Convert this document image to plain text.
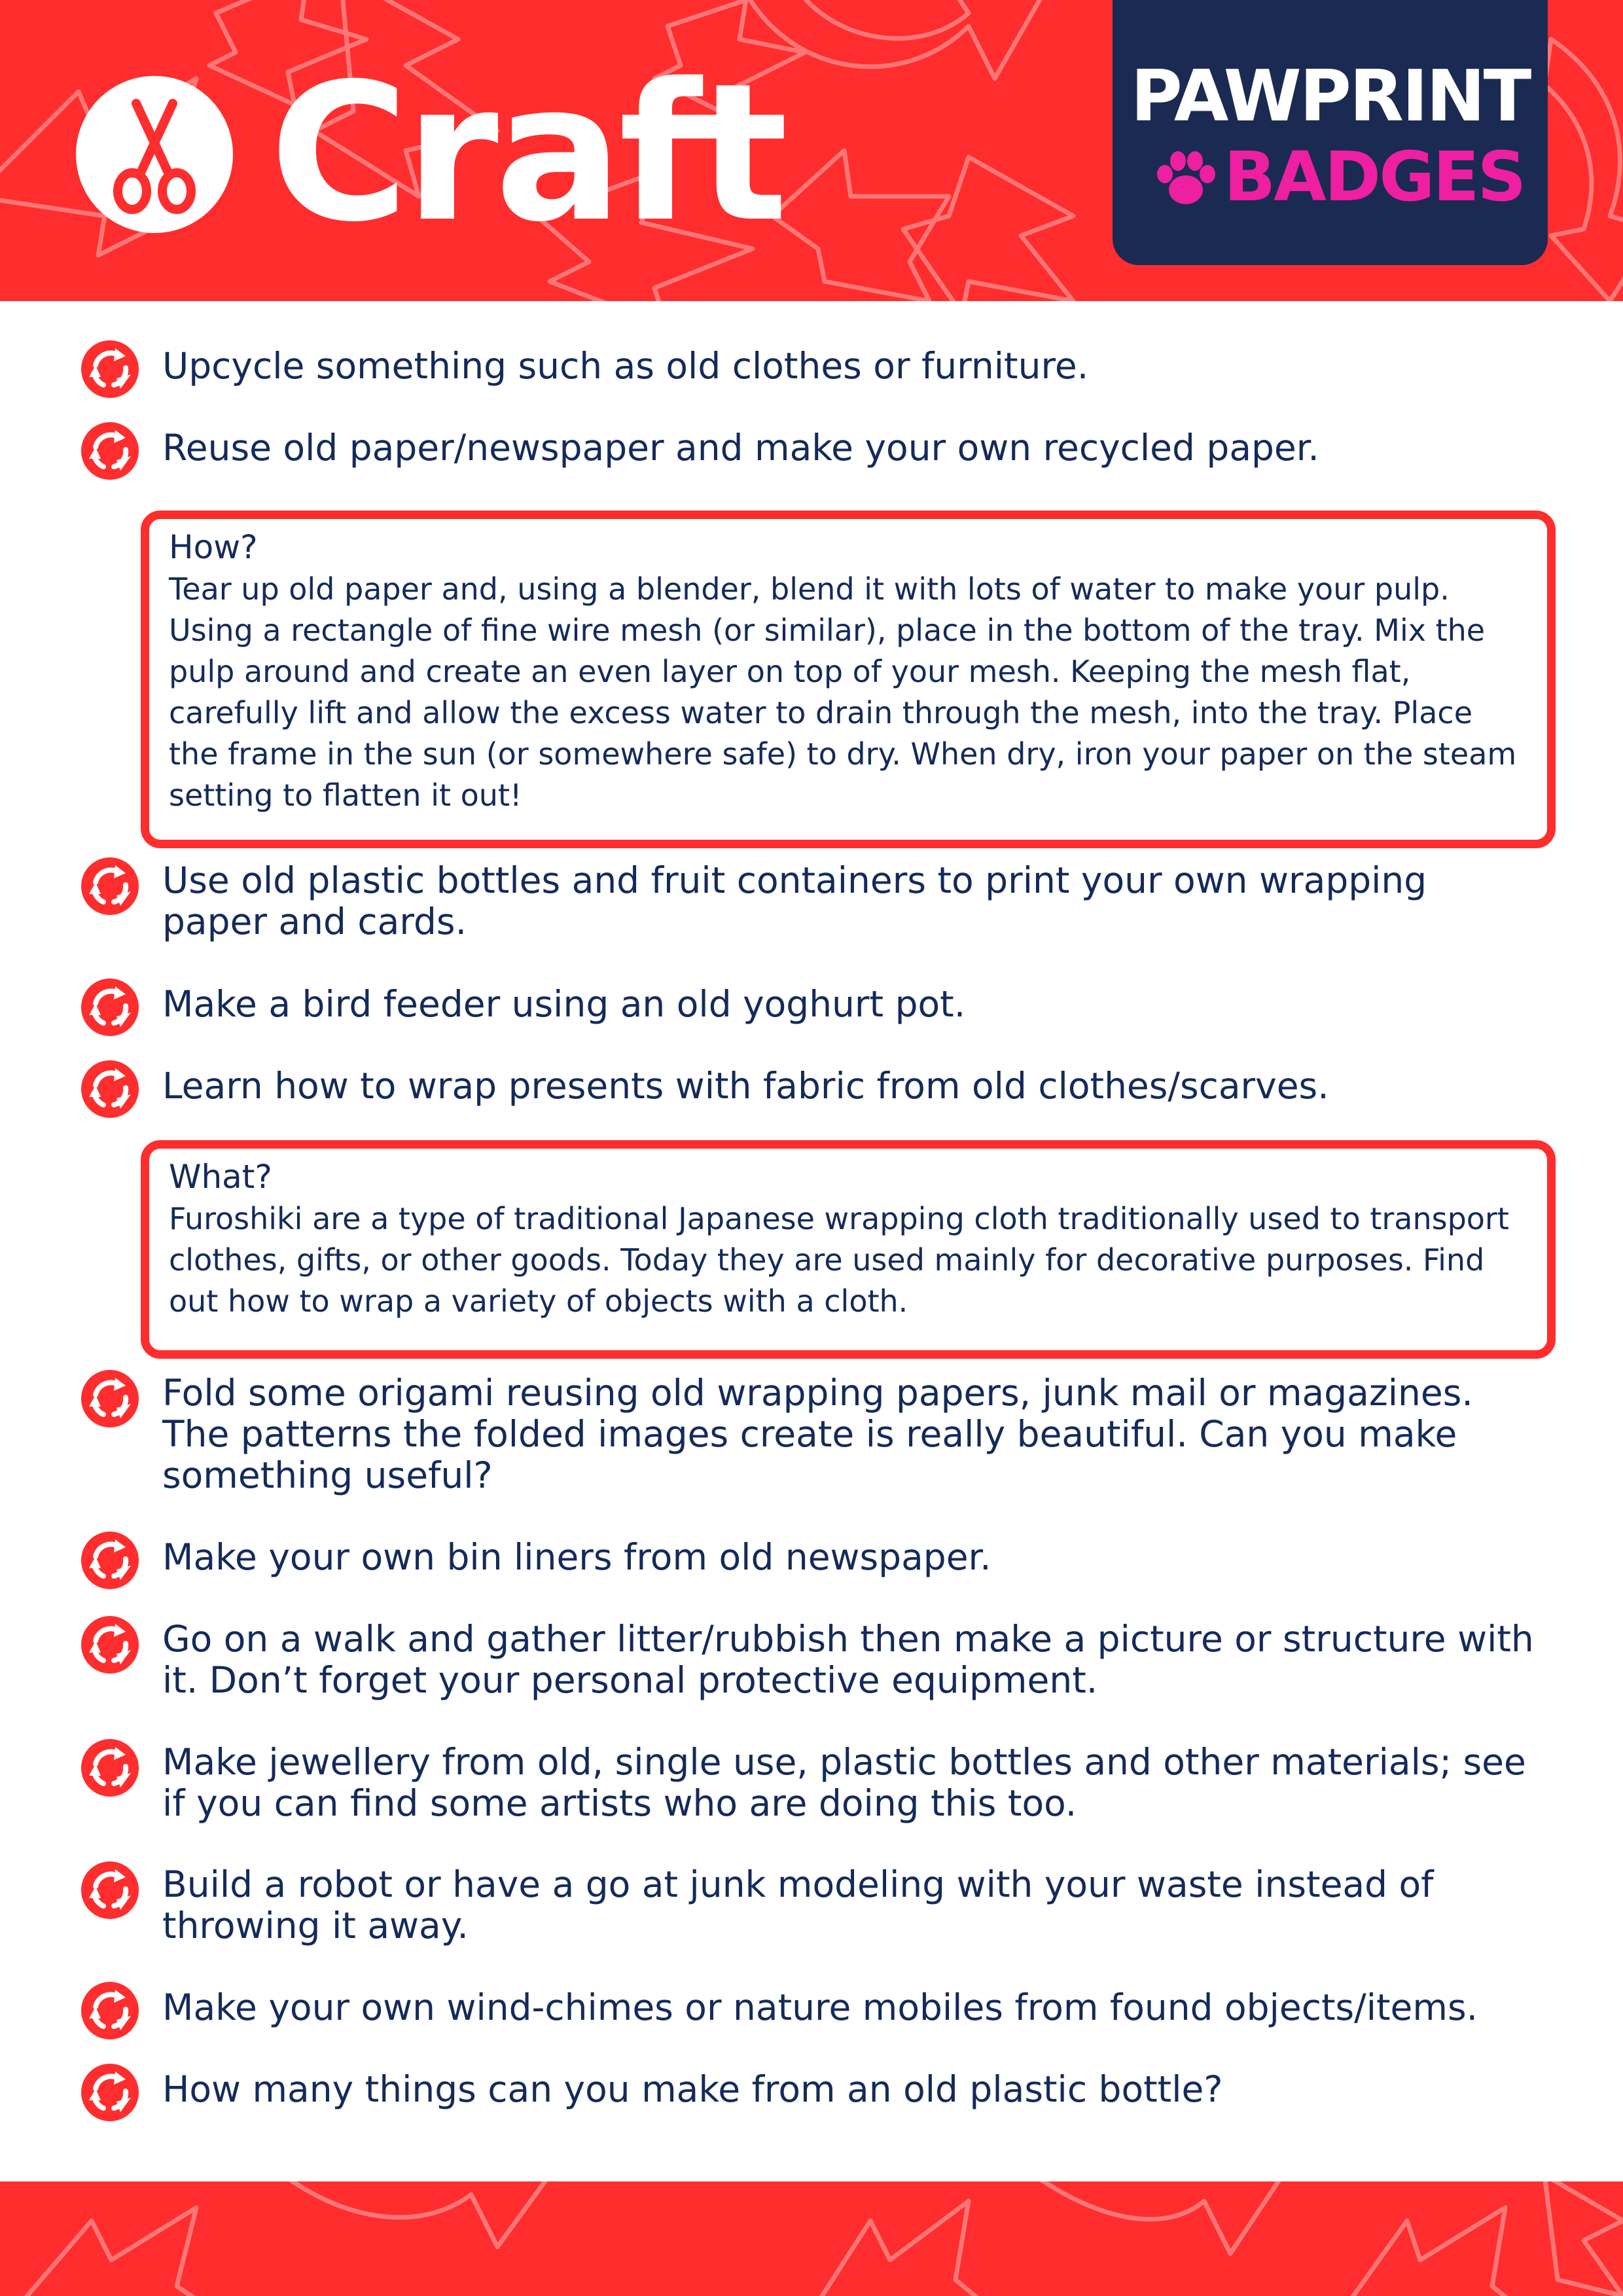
Craft	PAWPRINT
BADGES

Upcycle something such as old clothes or furniture.

Reuse old paper/newspaper and make your own recycled paper.

How?

Tear up old paper and, using a blender, blend it with lots of water to make your pulp. Using a rectangle of fine wire mesh (or similar), place in the bottom of the tray. Mix the pulp around and create an even layer on top of your mesh. Keeping the mesh flat, carefully lift and allow the excess water to drain through the mesh, into the tray. Place the frame in the sun (or somewhere safe) to dry. When dry, iron your paper on the steam setting to flatten it out!

Use old plastic bottles and fruit containers to print your own wrapping paper and cards.

Make a bird feeder using an old yoghurt pot.

Learn how to wrap presents with fabric from old clothes/scarves.

What?

Furoshiki are a type of traditional Japanese wrapping cloth traditionally used to transport clothes, gifts, or other goods. Today they are used mainly for decorative purposes. Find out how to wrap a variety of objects with a cloth.

Fold some origami reusing old wrapping papers, junk mail or magazines. The patterns the folded images create is really beautiful. Can you make something useful?

Make your own bin liners from old newspaper.

Go on a walk and gather litter/rubbish then make a picture or structure with it. Don’t forget your personal protective equipment.

Make jewellery from old, single use, plastic bottles and other materials; see if you can find some artists who are doing this too.

Build a robot or have a go at junk modeling with your waste instead of throwing it away.

Make your own wind-chimes or nature mobiles from found objects/items.

How many things can you make from an old plastic bottle?
